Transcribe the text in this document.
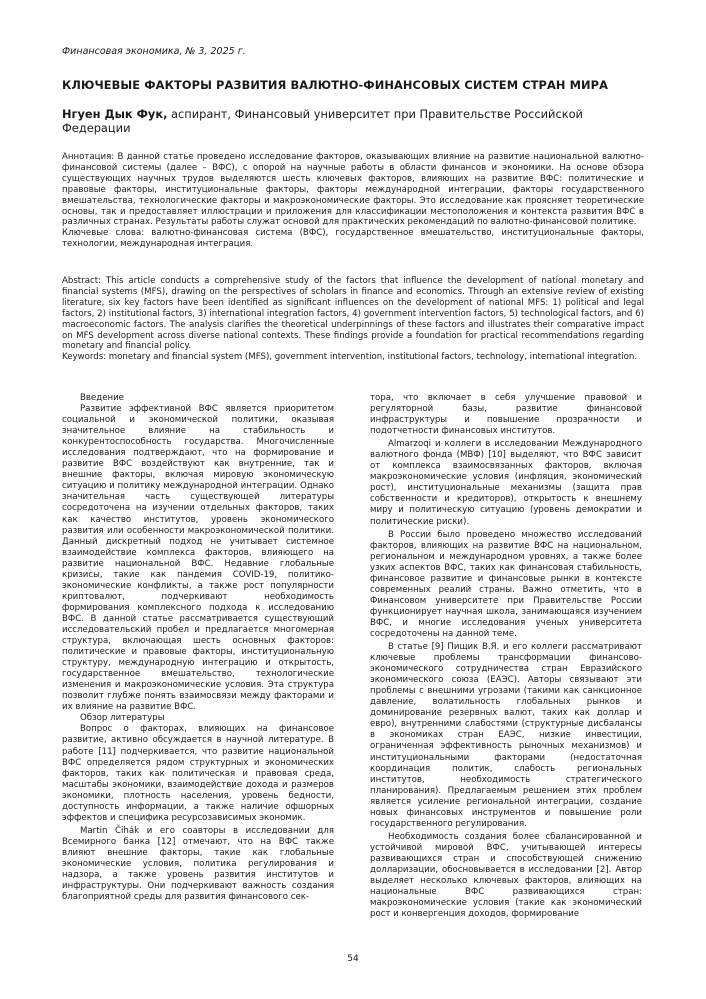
Финансовая экономика, № 3, 2025 г.
КЛЮЧЕВЫЕ ФАКТОРЫ РАЗВИТИЯ ВАЛЮТНО-ФИНАНСОВЫХ СИСТЕМ СТРАН МИРА
Нгуен Дык Фук, аспирант, Финансовый университет при Правительстве Российской Федерации

Аннотация: В данной статье проведено исследование факторов, оказывающих влияние на развитие национальной валютно-финансовой системы (далее – ВФС), с опорой на научные работы в области финансов и экономики. На основе обзора существующих научных трудов выделяются шесть ключевых факторов, влияющих на развитие ВФС: политические и правовые факторы, институциональные факторы, факторы международной интеграции, факторы государственного вмешательства, технологические факторы и макроэкономические факторы. Это исследование как проясняет теоретические основы, так и предоставляет иллюстрации и приложения для классификации местоположения и контекста развития ВФС в различных странах. Результаты работы служат основой для практических рекомендаций по валютно-финансовой политике.

Ключевые слова: валютно-финансовая система (ВФС), государственное вмешательство, институциональные факторы, технологии, международная интеграция.

Abstract: This article conducts a comprehensive study of the factors that influence the development of national monetary and financial systems (MFS), drawing on the perspectives of scholars in finance and economics. Through an extensive review of existing literature, six key factors have been identified as significant influences on the development of national MFS: 1) political and legal factors, 2) institutional factors, 3) international integration factors, 4) government intervention factors, 5) technological factors, and 6) macroeconomic factors. The analysis clarifies the theoretical underpinnings of these factors and illustrates their comparative impact on MFS development across diverse national contexts. These findings provide a foundation for practical recommendations regarding monetary and financial policy.

Keywords: monetary and financial system (MFS), government intervention, institutional factors, technology, international integration.

Введение

Развитие эффективной ВФС является приоритетом социальной и экономической политики, оказывая значительное влияние на стабильность и конкурентоспособность государства. Многочисленные исследования подтверждают, что на формирование и развитие ВФС воздействуют как внутренние, так и внешние факторы, включая мировую экономическую ситуацию и политику международной интеграции. Однако значительная часть существующей литературы сосредоточена на изучении отдельных факторов, таких как качество институтов, уровень экономического развития или особенности макроэкономической политики. Данный дискретный подход не учитывает системное взаимодействие комплекса факторов, влияющего на развитие национальной ВФС. Недавние глобальные кризисы, такие как пандемия COVID-19, политико-экономические конфликты, а также рост популярности криптовалют, подчеркивают необходимость формирования комплексного подхода к исследованию ВФС. В данной статье рассматривается существующий исследовательский пробел и предлагается многомерная структура, включающая шесть основных факторов: политические и правовые факторы, институциональную структуру, международную интеграцию и открытость, государственное вмешательство, технологические изменения и макроэкономические условия. Эта структура позволит глубже понять взаимосвязи между факторами и их влияние на развитие ВФС.

Обзор литературы

Вопрос о факторах, влияющих на финансовое развитие, активно обсуждается в научной литературе. В работе [11] подчеркивается, что развитие национальной ВФС определяется рядом структурных и экономических факторов, таких как политическая и правовая среда, масштабы экономики, взаимодействие дохода и размеров экономики, плотность населения, уровень бедности, доступность информации, а также наличие офшорных эффектов и специфика ресурсозависимых экономик.

Martin Čihák и его соавторы в исследовании для Всемирного банка [12] отмечают, что на ВФС также влияют внешние факторы, такие как глобальные экономические условия, политика регулирования и надзора, а также уровень развития институтов и инфраструктуры. Они подчеркивают важность создания благоприятной среды для развития финансового сек-

тора, что включает в себя улучшение правовой и регуляторной базы, развитие финансовой инфраструктуры и повышение прозрачности и подотчетности финансовых институтов.

Almarzoqi и коллеги в исследовании Международного валютного фонда (МВФ) [10] выделяют, что ВФС зависит от комплекса взаимосвязанных факторов, включая макроэкономические условия (инфляция, экономический рост), институциональные механизмы (защита прав собственности и кредиторов), открытость к внешнему миру и политическую ситуацию (уровень демократии и политические риски).

В России было проведено множество исследований факторов, влияющих на развитие ВФС на национальном, региональном и международном уровнях, а также более узких аспектов ВФС, таких как финансовая стабильность, финансовое развитие и финансовые рынки в контексте современных реалий страны. Важно отметить, что в Финансовом университете при Правительстве России функционирует научная школа, занимающаяся изучением ВФС, и многие исследования ученых университета сосредоточены на данной теме.

В статье [9] Пищик В.Я. и его коллеги рассматривают ключевые проблемы трансформации финансово-экономического сотрудничества стран Евразийского экономического союза (ЕАЭС). Авторы связывают эти проблемы с внешними угрозами (такими как санкционное давление, волатильность глобальных рынков и доминирование резервных валют, таких как доллар и евро), внутренними слабостями (структурные дисбалансы в экономиках стран ЕАЭС, низкие инвестиции, ограниченная эффективность рыночных механизмов) и институциональными факторами (недостаточная координация политик, слабость региональных институтов, необходимость стратегического планирования). Предлагаемым решением этих проблем является усиление региональной интеграции, создание новых финансовых инструментов и повышение роли государственного регулирования.

Необходимость создания более сбалансированной и устойчивой мировой ВФС, учитывающей интересы развивающихся стран и способствующей снижению долларизации, обосновывается в исследовании [2]. Автор выделяет несколько ключевых факторов, влияющих на национальные ВФС развивающихся стран: макроэкономические условия (такие как экономический рост и конвергенция доходов, формирование

54
